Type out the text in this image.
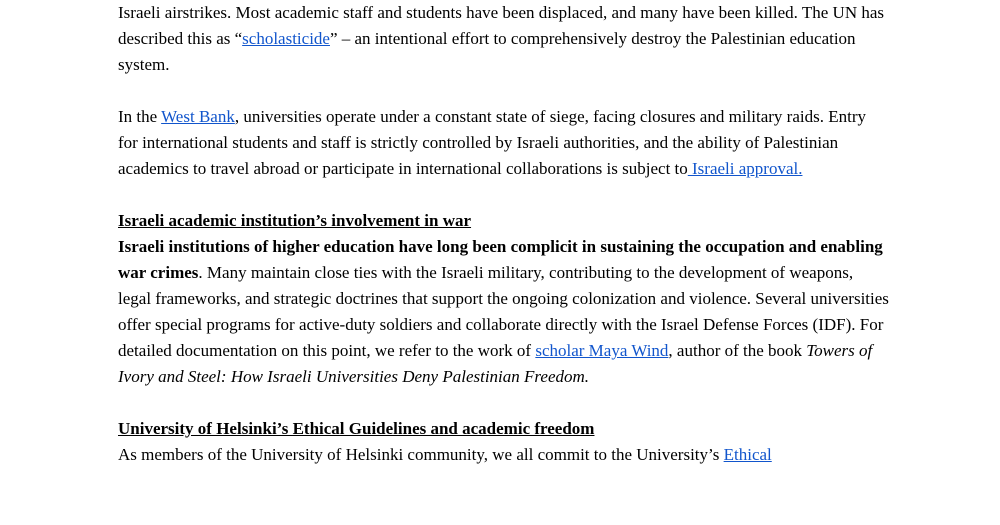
Israeli airstrikes. Most academic staff and students have been displaced, and many have been killed. The UN has described this as “scholasticide” – an intentional effort to comprehensively destroy the Palestinian education system.

In the West Bank, universities operate under a constant state of siege, facing closures and military raids. Entry for international students and staff is strictly controlled by Israeli authorities, and the ability of Palestinian academics to travel abroad or participate in international collaborations is subject to Israeli approval.

Israeli academic institution’s involvement in war

Israeli institutions of higher education have long been complicit in sustaining the occupation and enabling war crimes. Many maintain close ties with the Israeli military, contributing to the development of weapons, legal frameworks, and strategic doctrines that support the ongoing colonization and violence. Several universities offer special programs for active-duty soldiers and collaborate directly with the Israel Defense Forces (IDF). For detailed documentation on this point, we refer to the work of scholar Maya Wind, author of the book Towers of Ivory and Steel: How Israeli Universities Deny Palestinian Freedom.

University of Helsinki’s Ethical Guidelines and academic freedom

As members of the University of Helsinki community, we all commit to the University’s Ethical
